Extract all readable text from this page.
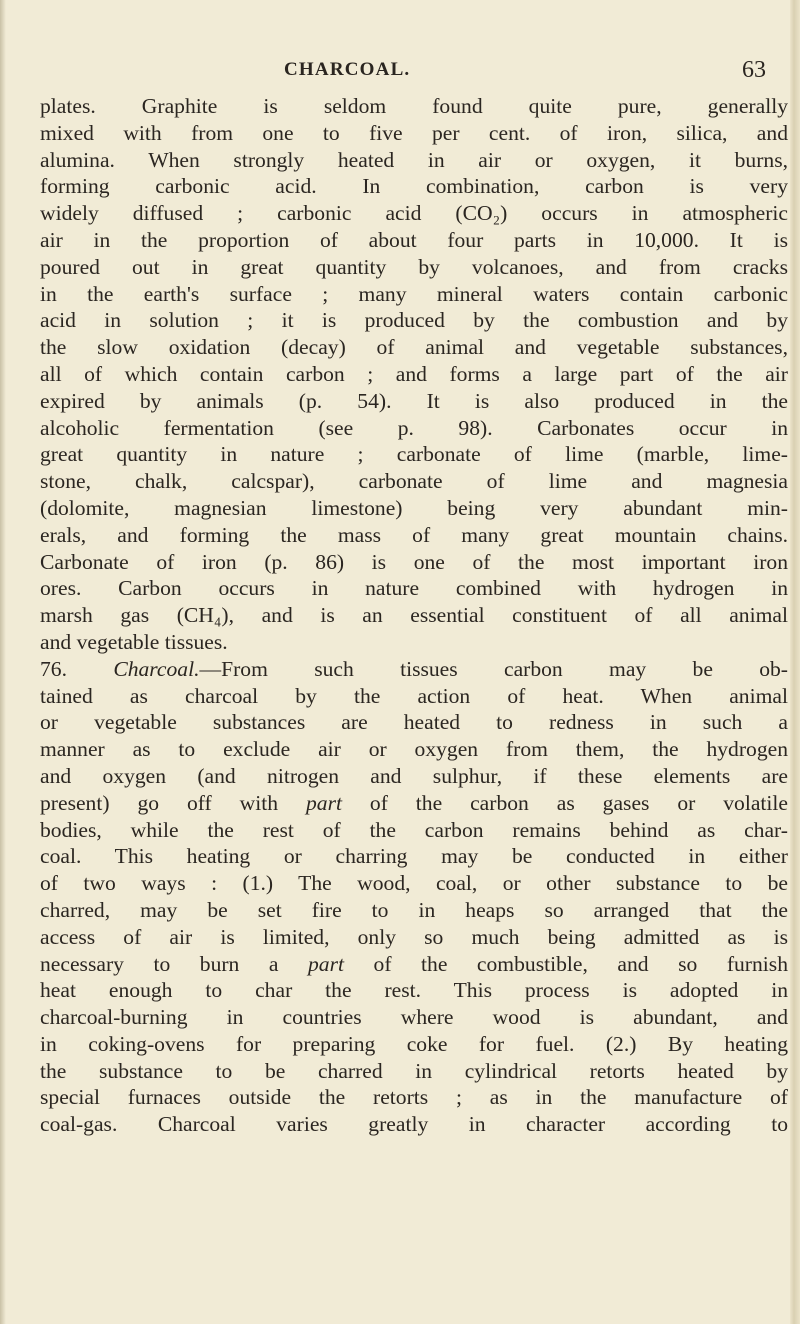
CHARCOAL.	63
plates. Graphite is seldom found quite pure, generally
mixed with from one to five per cent. of iron, silica, and
alumina. When strongly heated in air or oxygen, it burns,
forming carbonic acid. In combination, carbon is very
widely diffused ; carbonic acid (CO₂) occurs in atmospheric
air in the proportion of about four parts in 10,000. It is
poured out in great quantity by volcanoes, and from cracks
in the earth's surface ; many mineral waters contain carbonic
acid in solution ; it is produced by the combustion and by
the slow oxidation (decay) of animal and vegetable substances,
all of which contain carbon ; and forms a large part of the air
expired by animals (p. 54). It is also produced in the
alcoholic fermentation (see p. 98). Carbonates occur in
great quantity in nature ; carbonate of lime (marble, lime-
stone, chalk, calcspar), carbonate of lime and magnesia
(dolomite, magnesian limestone) being very abundant min-
erals, and forming the mass of many great mountain chains.
Carbonate of iron (p. 86) is one of the most important iron
ores. Carbon occurs in nature combined with hydrogen in
marsh gas (CH₄), and is an essential constituent of all animal
and vegetable tissues.
76. Charcoal.—From such tissues carbon may be ob-
tained as charcoal by the action of heat. When animal
or vegetable substances are heated to redness in such a
manner as to exclude air or oxygen from them, the hydrogen
and oxygen (and nitrogen and sulphur, if these elements are
present) go off with part of the carbon as gases or volatile
bodies, while the rest of the carbon remains behind as char-
coal. This heating or charring may be conducted in either
of two ways : (1.) The wood, coal, or other substance to be
charred, may be set fire to in heaps so arranged that the
access of air is limited, only so much being admitted as is
necessary to burn a part of the combustible, and so furnish
heat enough to char the rest. This process is adopted in
charcoal-burning in countries where wood is abundant, and
in coking-ovens for preparing coke for fuel. (2.) By heating
the substance to be charred in cylindrical retorts heated by
special furnaces outside the retorts ; as in the manufacture of
coal-gas. Charcoal varies greatly in character according to
